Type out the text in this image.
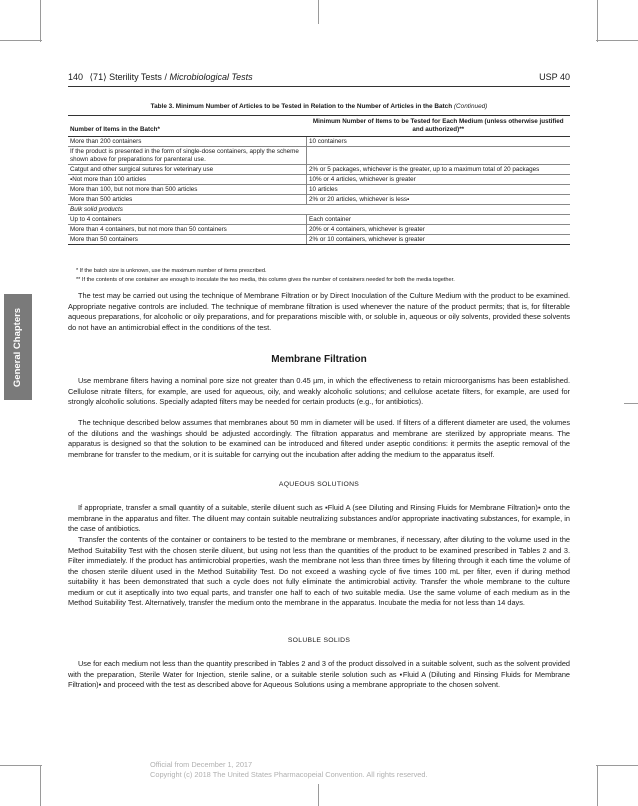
140 ⟨71⟩ Sterility Tests / Microbiological Tests	USP 40
General Chapters
Table 3. Minimum Number of Articles to be Tested in Relation to the Number of Articles in the Batch (Continued)
Number of Items in the Batch*	Minimum Number of Items to be Tested for Each Medium (unless otherwise justified and authorized)**
More than 200 containers	10 containers
If the product is presented in the form of single-dose containers, apply the scheme shown above for preparations for parenteral use.	
Catgut and other surgical sutures for veterinary use	2% or 5 packages, whichever is the greater, up to a maximum total of 20 packages
▪Not more than 100 articles	10% or 4 articles, whichever is greater
More than 100, but not more than 500 articles	10 articles
More than 500 articles	2% or 20 articles, whichever is less▪
Bulk solid products	
Up to 4 containers	Each container
More than 4 containers, but not more than 50 containers	20% or 4 containers, whichever is greater
More than 50 containers	2% or 10 containers, whichever is greater
* If the batch size is unknown, use the maximum number of items prescribed.
** If the contents of one container are enough to inoculate the two media, this column gives the number of containers needed for both the media together.

The test may be carried out using the technique of Membrane Filtration or by Direct Inoculation of the Culture Medium with the product to be examined. Appropriate negative controls are included. The technique of membrane filtration is used whenever the nature of the product permits; that is, for filterable aqueous preparations, for alcoholic or oily preparations, and for preparations miscible with, or soluble in, aqueous or oily solvents, provided these solvents do not have an antimicrobial effect in the conditions of the test.

Membrane Filtration

Use membrane filters having a nominal pore size not greater than 0.45 µm, in which the effectiveness to retain microorganisms has been established. Cellulose nitrate filters, for example, are used for aqueous, oily, and weakly alcoholic solutions; and cellulose acetate filters, for example, are used for strongly alcoholic solutions. Specially adapted filters may be needed for certain products (e.g., for antibiotics).

The technique described below assumes that membranes about 50 mm in diameter will be used. If filters of a different diameter are used, the volumes of the dilutions and the washings should be adjusted accordingly. The filtration apparatus and membrane are sterilized by appropriate means. The apparatus is designed so that the solution to be examined can be introduced and filtered under aseptic conditions: it permits the aseptic removal of the membrane for transfer to the medium, or it is suitable for carrying out the incubation after adding the medium to the apparatus itself.

AQUEOUS SOLUTIONS

If appropriate, transfer a small quantity of a suitable, sterile diluent such as ▪Fluid A (see Diluting and Rinsing Fluids for Membrane Filtration)▪ onto the membrane in the apparatus and filter. The diluent may contain suitable neutralizing substances and/or appropriate inactivating substances, for example, in the case of antibiotics.

Transfer the contents of the container or containers to be tested to the membrane or membranes, if necessary, after diluting to the volume used in the Method Suitability Test with the chosen sterile diluent, but using not less than the quantities of the product to be examined prescribed in Tables 2 and 3. Filter immediately. If the product has antimicrobial properties, wash the membrane not less than three times by filtering through it each time the volume of the chosen sterile diluent used in the Method Suitability Test. Do not exceed a washing cycle of five times 100 mL per filter, even if during method suitability it has been demonstrated that such a cycle does not fully eliminate the antimicrobial activity. Transfer the whole membrane to the culture medium or cut it aseptically into two equal parts, and transfer one half to each of two suitable media. Use the same volume of each medium as in the Method Suitability Test. Alternatively, transfer the medium onto the membrane in the apparatus. Incubate the media for not less than 14 days.

SOLUBLE SOLIDS

Use for each medium not less than the quantity prescribed in Tables 2 and 3 of the product dissolved in a suitable solvent, such as the solvent provided with the preparation, Sterile Water for Injection, sterile saline, or a suitable sterile solution such as ▪Fluid A (Diluting and Rinsing Fluids for Membrane Filtration)▪ and proceed with the test as described above for Aqueous Solutions using a membrane appropriate to the chosen solvent.

Official from December 1, 2017
Copyright (c) 2018 The United States Pharmacopeial Convention. All rights reserved.
